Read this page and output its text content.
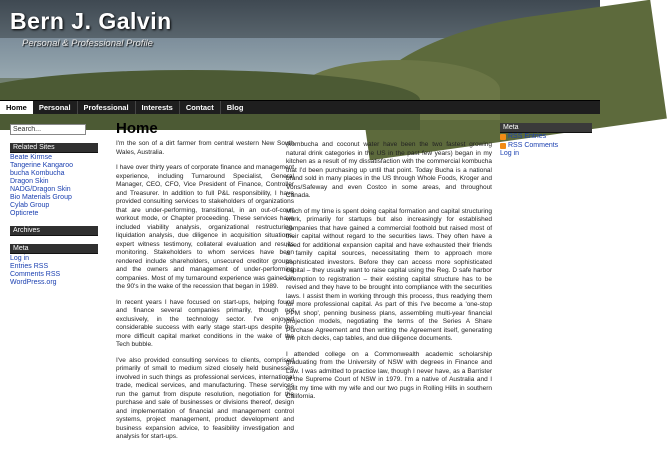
Bern J. Galvin
Personal & Professional Profile
Home	Personal	Professional	Interests	Contact	Blog
Search...
Related Sites
Beate Kirmse
Tangerine Kangaroo
bucha Kombucha
Dragon Skin
NADG/Dragon Skin
Bio Materials Group
Cylab Group
Opticrete
Archives
Meta
Log in
Entries RSS
Comments RSS
WordPress.org
Home

I'm the son of a dirt farmer from central western New South Wales, Australia.

I have over thirty years of corporate finance and management experience, including Turnaround Specialist, General Manager, CEO, CFO, Vice President of Finance, Controller and Treasurer. In addition to full P&L responsibility, I have provided consulting services to stakeholders of organizations that are under-performing, transitional, in an out-of-court workout mode, or Chapter proceeding. These services have included viability analysis, organizational restructuring, liquidation analysis, due diligence in acquisition situations, expert witness testimony, collateral evaluation and results monitoring. Stakeholders to whom services have been rendered include shareholders, unsecured creditor groups, and the owners and management of under-performing companies. Most of my turnaround experience was gained in the 90's in the wake of the recession that began in 1989.

In recent years I have focused on start-ups, helping found and finance several companies primarily, though not exclusively, in the technology sector. I've enjoyed considerable success with early stage start-ups despite the more difficult capital market conditions in the wake of the Tech bubble.

I've also provided consulting services to clients, comprised primarily of small to medium sized closely held businesses involved in such things as professional services, international trade, medical services, and manufacturing. These services run the gamut from dispute resolution, negotiation for the purchase and sale of businesses or divisions thereof, design and implementation of financial and management control systems, project management, product development and business expansion advice, to feasibility investigation and analysis for start-ups.

(kombucha and coconut water have been the two fastest growing natural drink categories in the US in the past few years) began in my kitchen as a result of my dissatisfaction with the commercial kombucha that I'd been purchasing up until that point. Today Bucha is a national brand sold in many places in the US through Whole Foods, Kroger and Vons/Safeway and even Costco in some areas, and throughout Canada.

Much of my time is spent doing capital formation and capital structuring work, primarily for startups but also increasingly for established companies that have gained a commercial foothold but raised most of their capital without regard to the securities laws. They often have a need for additional expansion capital and have exhausted their friends & family capital sources, necessitating them to approach more sophisticated investors. Before they can access more sophisticated capital – they usually want to raise capital using the Reg. D safe harbor exemption to registration – their existing capital structure has to be revised and they have to be brought into compliance with the securities laws. I assist them in working through this process, thus readying them for more professional capital. As part of this I've become a 'one-stop PPM shop', penning business plans, assembling multi-year financial projection models, negotiating the terms of the Series A Share Purchase Agreement and then writing the Agreement itself, generating the pitch decks, cap tables, and due diligence documents.

I attended college on a Commonwealth academic scholarship graduating from the University of NSW with degrees in Finance and Law. I was admitted to practice law, though I never have, as a Barrister of the Supreme Court of NSW in 1979. I'm a native of Australia and I split my time with my wife and our two pugs in Rolling Hills in southern California.

Meta
RSS Entries
RSS Comments
Log in
